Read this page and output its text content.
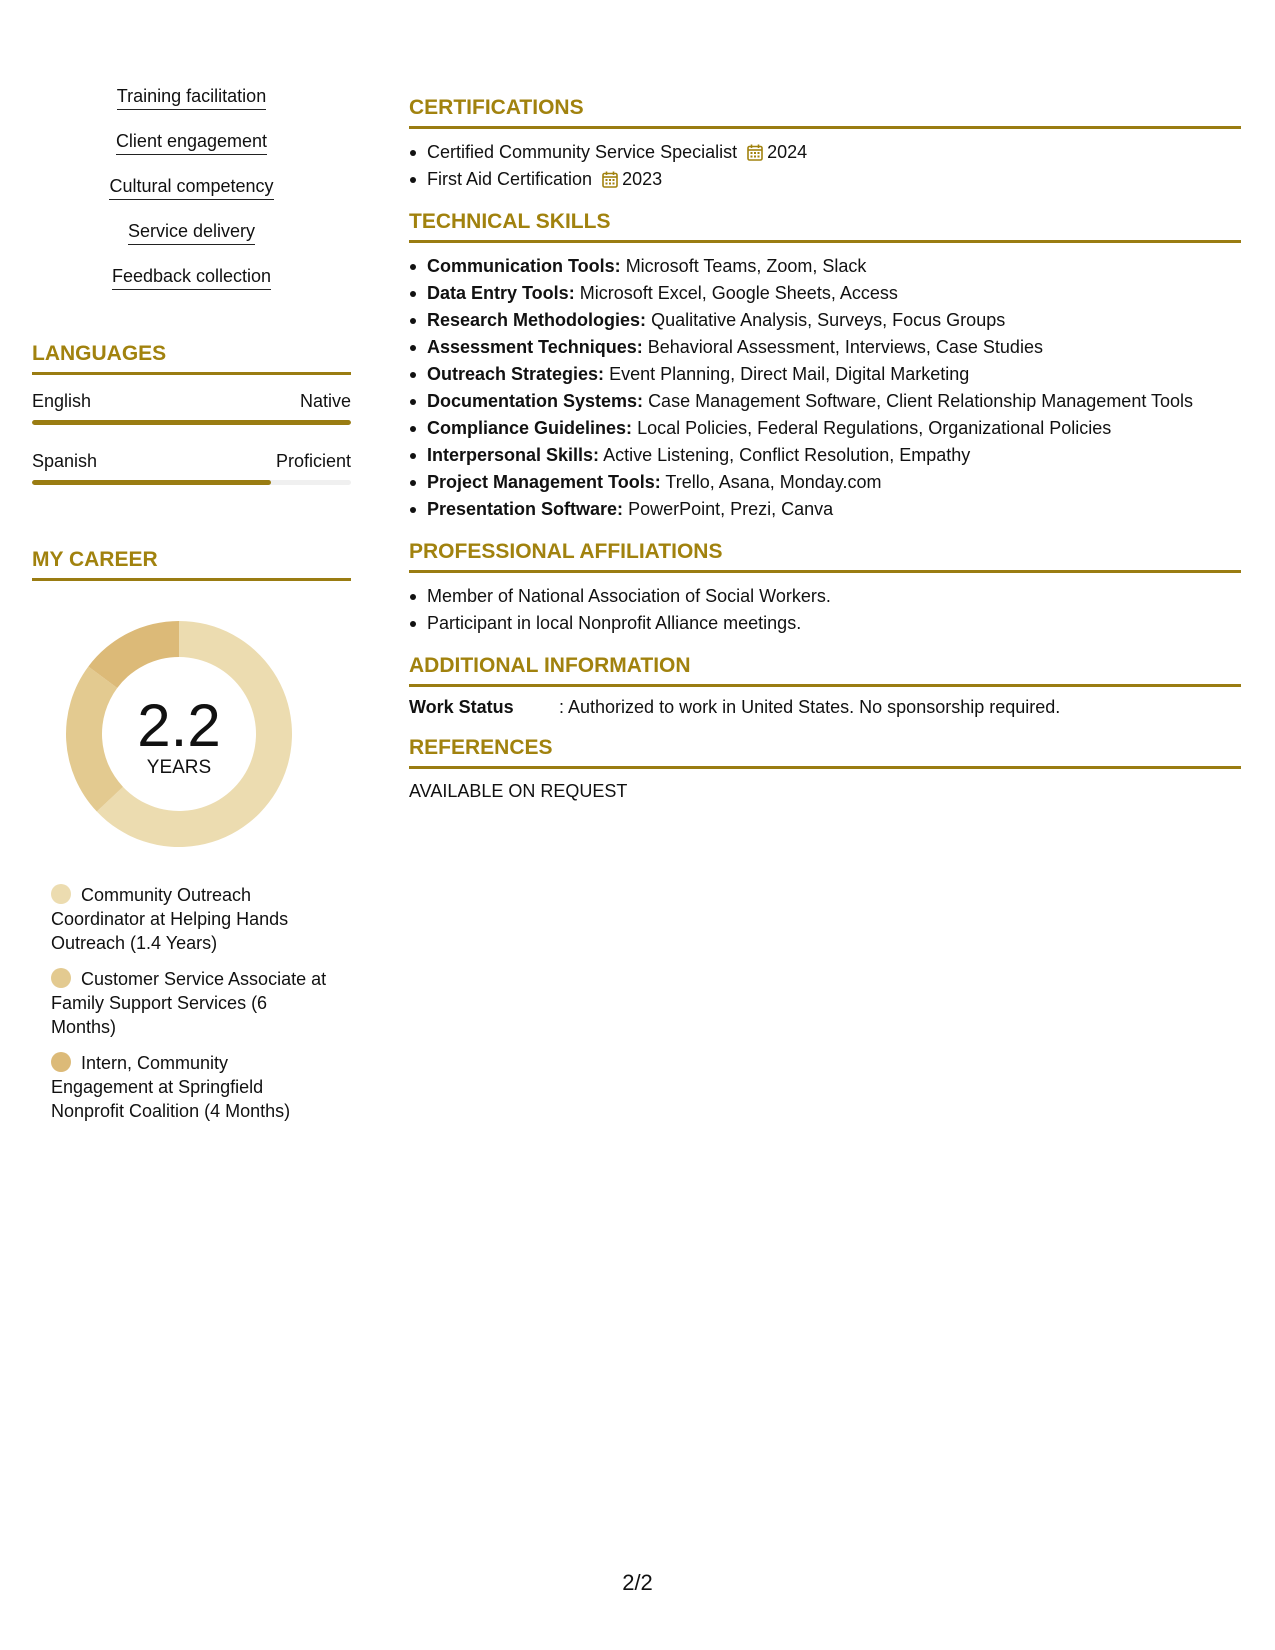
Training facilitation
Client engagement
Cultural competency
Service delivery
Feedback collection
LANGUAGES
English	Native
Spanish	Proficient
MY CAREER
2.2
YEARS
Community Outreach Coordinator at Helping Hands Outreach (1.4 Years)
Customer Service Associate at Family Support Services (6 Months)
Intern, Community Engagement at Springfield Nonprofit Coalition (4 Months)
CERTIFICATIONS
Certified Community Service Specialist 2024
First Aid Certification 2023
TECHNICAL SKILLS
Communication Tools: Microsoft Teams, Zoom, Slack
Data Entry Tools: Microsoft Excel, Google Sheets, Access
Research Methodologies: Qualitative Analysis, Surveys, Focus Groups
Assessment Techniques: Behavioral Assessment, Interviews, Case Studies
Outreach Strategies: Event Planning, Direct Mail, Digital Marketing
Documentation Systems: Case Management Software, Client Relationship Management Tools
Compliance Guidelines: Local Policies, Federal Regulations, Organizational Policies
Interpersonal Skills: Active Listening, Conflict Resolution, Empathy
Project Management Tools: Trello, Asana, Monday.com
Presentation Software: PowerPoint, Prezi, Canva
PROFESSIONAL AFFILIATIONS
Member of National Association of Social Workers.
Participant in local Nonprofit Alliance meetings.
ADDITIONAL INFORMATION
Work Status	: Authorized to work in United States. No sponsorship required.
REFERENCES
AVAILABLE ON REQUEST
2/2
